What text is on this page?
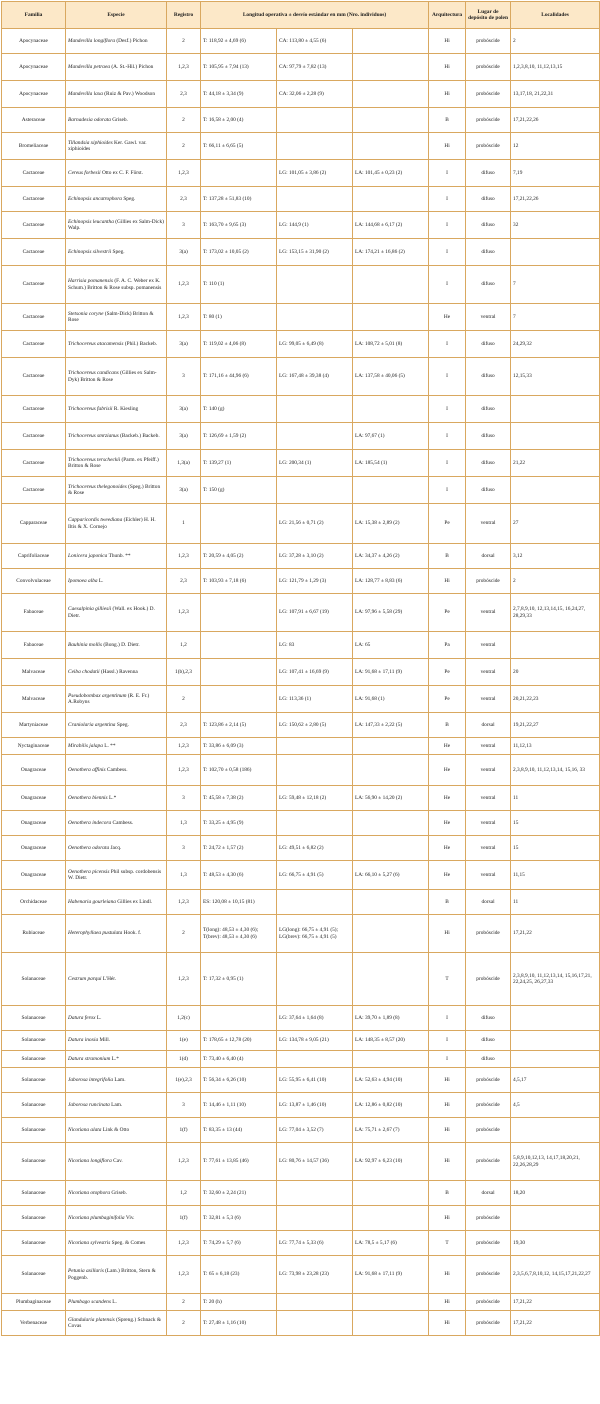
Familia	Especie	Registro	Longitud operativa ± desvío estándar en mm (Nro. individuos)			Arquitectura	Lugar de depósito de polen	Localidades
Apocynaceae	Mandevilla longiflora (Desf.) Pichon	2	T: 118,92 ± 4,69 (6)	CA: 113,80 ± 4,55 (6)		Hi	probóscide	2
Apocynaceae	Mandevilla petraea (A. St.-Hil.) Pichon	1,2,3	T: 105,95 ± 7,94 (13)	CA: 97,79 ± 7,82 (13)		Hi	probóscide	1,2,3,8,10, 11,12,13,15
Apocynaceae	Mandevilla laxa (Ruiz & Pav.) Woodson	2,3	T: 44,18 ± 3,34 (9)	CA: 32,06 ± 2,28 (9)		Hi	probóscide	13,17,18, 21,22,31
Asteraceae	Barnadesia odorata Griseb.	2	T: 16,58 ± 2,00 (4)			B	probóscide	17,21,22,26
Bromeliaceae	Tillandsia xiphioides Ker. Gawl. var. xiphioides	2	T: 66,11 ± 6,65 (5)			Hi	probóscide	12
Cactaceae	Cereus forbesii Otto ex C. F. Först.	1,2,3		LG: 101,05 ± 3,86 (2)	LA: 101,45 ± 0,23 (2)	I	difuso	7,19
Cactaceae	Echinopsis ancatrophora Speg.	2,3	T: 137,28 ± 51,83 (10)			I	difuso	17,21,22,26
Cactaceae	Echinopsis leucantha (Gillies ex Salm-Dick) Walp.	3	T: 163,70 ± 9,65 (3)	LG: 144,9 (1)	LA: 144,68 ± 6,17 (2)	I	difuso	32
Cactaceae	Echinopsis silvestrii Speg.	3(a)	T: 173,02 ± 10,05 (2)	LG: 153,15 ± 31,90 (2)	LA: 174,21 ± 16,86 (2)	I	difuso	
Cactaceae	Harrisia pomanensis (F. A. C. Weber ex K. Schum.) Britton & Rose subsp. pomanensis	1,2,3	T: 110 (1)			I	difuso	7
Cactaceae	Stetsonia coryne (Salm-Dick) Britton & Rose	1,2,3	T: 80 (1)			He	ventral	7
Cactaceae	Trichocereus atacamensis (Phil.) Backeb.	3(a)	T: 119,02 ± 4,06 (8)	LG: 99,05 ± 6,49 (8)	LA: 108,72 ± 5,01 (8)	I	difuso	24,29,32
Cactaceae	Trichocereus candicans (Gillies ex Salm-Dyk) Britton & Rose	3	T: 171,16 ± 44,96 (6)	LG: 167,48 ± 39,38 (4)	LA: 137,58 ± 40,06 (5)	I	difuso	12,15,33
Cactaceae	Trichocereus fabrisii R. Kiesling	3(a)	T: 140 (g)			I	difuso	
Cactaceae	Trichocereus smrzianus (Backeb.) Backeb.	3(a)	T: 126,69 ± 1,59 (2)		LA: 97,67 (1)	I	difuso	
Cactaceae	Trichocereus terscheckii (Parm. ex Pfeiff.) Britton & Rose	1,3(a)	T: 139,27 (1)	LG: 200,34 (1)	LA: 185,54 (1)	I	difuso	21,22
Cactaceae	Trichocereus thelegonoides (Speg.) Britton & Rose	3(a)	T: 150 (g)			I	difuso	
Capparaceae	Capparicordis tweediana (Eichler) H. H. Iltis & X. Cornejo	1		LG: 21,56 ± 0,71 (2)	LA: 15,38 ± 2,89 (2)	Pe	ventral	27
Caprifoliaceae	Lonicera japonica Thunb. **	1,2,3	T: 20,59 ± 4,05 (2)	LG: 37,28 ± 3,10 (2)	LA: 34,37 ± 4,26 (2)	B	dorsal	3,12
Convolvulaceae	Ipomoea alba L.	2,3	T: 103,93 ± 7,18 (6)	LG: 121,79 ± 1,29 (3)	LA: 128,77 ± 8,83 (6)	Hi	probóscide	2
Fabaceae	Caesalpinia gilliesii (Wall. ex Hook.) D. Dietr.	1,2,3		LG: 107,91 ± 6,67 (19)	LA: 97,96 ± 5,58 (29)	Pe	ventral	2,7,8,9,10, 12,13,14,15, 16,24,27, 28,29,33
Fabaceae	Bauhinia mollis (Bong.) D. Dietr.	1,2		LG: 83	LA: 65	Pa	ventral	
Malvaceae	Ceiba chodatii (Hassl.) Ravenna	1(b),2,3		LG: 107,41 ± 16,69 (9)	LA: 91,68 ± 17,11 (9)	Pe	ventral	20
Malvaceae	Pseudobombax argentinum (R. E. Fr.) A.Robyns	2		LG: 113,36 (1)	LA: 91,68 (1)	Pe	ventral	20,21,22,23
Martyniaceae	Craniolaria argentina Speg.	2,3	T: 123,86 ± 2,14 (5)	LG: 150,62 ± 2,80 (5)	LA: 147,33 ± 2,22 (5)	B	dorsal	19,21,22,27
Nyctaginaceae	Mirabilis jalapa L. **	1,2,3	T: 33,86 ± 6,09 (3)			He	ventral	11,12,13
Onagraceae	Oenothera affinis Cambess.	1,2,3	T: 102,70 ± 0,58 (186)			He	ventral	2,3,8,9,10, 11,12,13,14, 15,16, 33
Onagraceae	Oenothera biennis L.*	3	T: 45,58 ± 7,38 (2)	LG: 59,48 ± 12,18 (2)	LA: 56,90 ± 14,20 (2)	He	ventral	11
Onagraceae	Oenothera indecora Cambess.	1,3	T: 33,25 ± 4,95 (9)			He	ventral	15
Onagraceae	Oenothera odorata Jacq.	3	T: 24,72 ± 1,57 (2)	LG: 49,51 ± 6,82 (2)		He	ventral	15
Onagraceae	Oenothera picensis Phil subsp. cordobensis W. Dietr.	1,3	T: 48,53 ± 4,30 (6)	LG: 66,75 ± 4,91 (5)	LA: 66,10 ± 5,27 (6)	He	ventral	11,15
Orchidaceae	Habenaria gourleiana Gillies ex Lindl.	1,2,3	ES: 120,08 ± 10,15 (81)			B	dorsal	11
Rubiaceae	Heterophyllaea pustulata Hook. f.	2	T(long): 48,53 ± 4,30 (6); T(brev): 48,53 ± 4,30 (6)	LG(long): 66,75 ± 4,91 (5); LG(brev): 66,75 ± 4,91 (5)		Hi	probóscide	17,21,22
Solanaceae	Cestrum parqui L'Hér.	1,2,3	T: 17,32 ± 0,95 (1)			T	probóscide	2,3,8,9,10, 11,12,13,14, 15,16,17,21, 22,24,25, 26,27,33
Solanaceae	Datura ferox L.	1,2(c)		LG: 37,64 ± 1,64 (8)	LA: 39,70 ± 1,89 (8)	I	difuso	
Solanaceae	Datura inoxia Mill.	1(e)	T: 178,65 ± 12,78 (20)	LG: 134,78 ± 9,05 (21)	LA: 148,35 ± 8,57 (20)	I	difuso	
Solanaceae	Datura stramonium L.*	1(d)	T: 73,40 ± 6,40 (4)			I	difuso	
Solanaceae	Jaborosa integrifolia Lam.	1(e),2,3	T: 56,34 ± 6,26 (10)	LG: 55,95 ± 6,41 (10)	LA: 52,63 ± 4,94 (10)	Hi	probóscide	4,5,17
Solanaceae	Jaborosa runcinata Lam.	3	T: 14,46 ± 1,11 (10)	LG: 13,87 ± 1,46 (10)	LA: 12,86 ± 0,82 (10)	Hi	probóscide	4,5
Solanaceae	Nicotiana alata Link & Otto	1(f)	T: 83,35 ± 13 (44)	LG: 77,04 ± 3,52 (7)	LA: 75,71 ± 2,67 (7)	Hi	probóscide	
Solanaceae	Nicotiana longiflora Cav.	1,2,3	T: 77,61 ± 13,85 (46)	LG: 80,76 ± 14,57 (36)	LA: 92,97 ± 6,23 (10)	Hi	probóscide	5,8,9,10,12,13, 14,17,18,20,21, 22,26,28,29
Solanaceae	Nicotiana otophora Griseb.	1,2	T: 32,60 ± 2,24 (21)			B	dorsal	18,20
Solanaceae	Nicotiana plumbaginifolia Viv.	1(f)	T: 32,81 ± 5,3 (6)			Hi	probóscide	
Solanaceae	Nicotiana sylvestris Speg. & Comes	1,2,3	T: 74,29 ± 5,7 (6)	LG: 77,74 ± 5,33 (6)	LA: 78,5 ± 5,17 (6)	T	probóscide	19,30
Solanaceae	Petunia axillaris (Lam.) Britton, Stern & Poggenb.	1,2,3	T: 65 ± 6,18 (23)	LG: 73,98 ± 23,28 (23)	LA: 91,68 ± 17,11 (9)	Hi	probóscide	2,3,5,6,7,8,10,12, 14,15,17,21,22,27
Plumbaginaceae	Plumbago scandens L.	2	T: 20 (h)			Hi	probóscide	17,21,22
Verbenaceae	Glandularia platensis (Spreng.) Schnack & Covas	2	T: 27,48 ± 1,16 (10)			Hi	probóscide	17,21,22
